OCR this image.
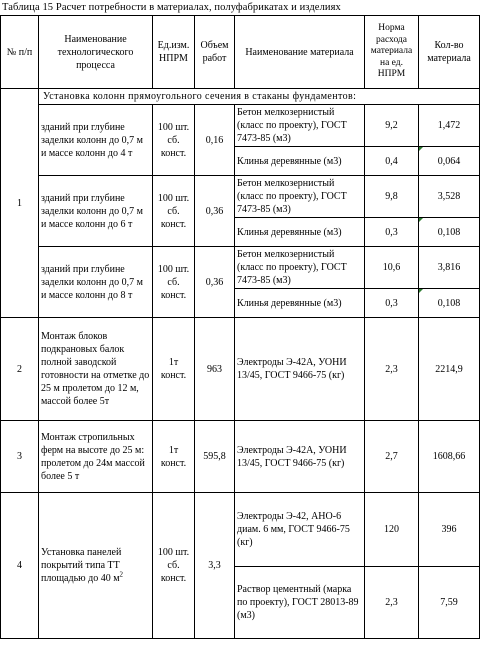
Таблица 15 Расчет потребности в материалах, полуфабрикатах и изделиях
№ п/п	Наименование технологического процесса	Ед.изм. НПРМ	Объем работ	Наименование материала	Норма расхода материала на ед. НПРМ	Кол-во материала
1	Установка колонн прямоугольного сечения в стаканы фундаментов:					
	зданий при глубине заделки колонн до 0,7 м и массе колонн до 4 т	100 шт. сб. конст.	0,16	Бетон мелкозернистый (класс по проекту), ГОСТ 7473-85 (м3)	9,2	1,472
				Клинья деревянные (м3)	0,4	0,064
	зданий при глубине заделки колонн до 0,7 м и массе колонн до 6 т	100 шт. сб. конст.	0,36	Бетон мелкозернистый (класс по проекту), ГОСТ 7473-85 (м3)	9,8	3,528
				Клинья деревянные (м3)	0,3	0,108
	зданий при глубине заделки колонн до 0,7 м и массе колонн до 8 т	100 шт. сб. конст.	0,36	Бетон мелкозернистый (класс по проекту), ГОСТ 7473-85 (м3)	10,6	3,816
				Клинья деревянные (м3)	0,3	0,108
2	Монтаж блоков подкрановых балок полной заводской готовности на отметке до 25 м пролетом до 12 м, массой более 5т	1т конст.	963	Электроды Э-42А, УОНИ 13/45, ГОСТ 9466-75 (кг)	2,3	2214,9
3	Монтаж стропильных ферм на высоте до 25 м: пролетом до 24м массой более 5 т	1т конст.	595,8	Электроды Э-42А, УОНИ 13/45, ГОСТ 9466-75 (кг)	2,7	1608,66
4	Установка панелей покрытий типа ТТ площадью до 40 $м^2$	100 шт. сб. конст.	3,3	Электроды Э-42, АНО-6 диам. 6 мм, ГОСТ 9466-75 (кг)	120	396
				Раствор цементный (марка по проекту), ГОСТ 28013-89 (м3)	2,3	7,59
